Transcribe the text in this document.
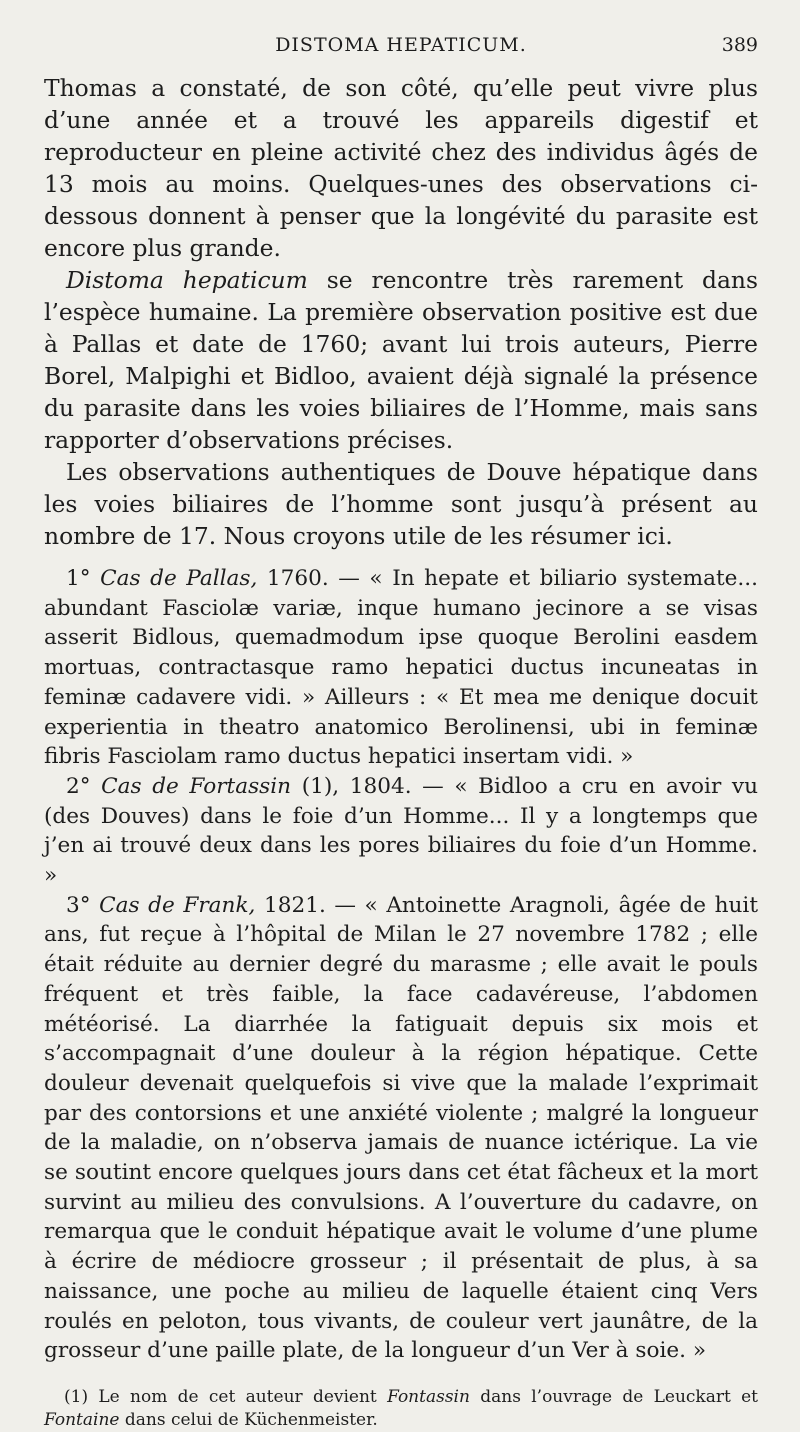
DISTOMA HEPATICUM.	389

Thomas a constaté, de son côté, qu’elle peut vivre plus d’une année et a trouvé les appareils digestif et reproducteur en pleine activité chez des individus âgés de 13 mois au moins. Quelques-unes des observations ci-dessous donnent à penser que la longévité du parasite est encore plus grande.

Distoma hepaticum se rencontre très rarement dans l’espèce humaine. La première observation positive est due à Pallas et date de 1760; avant lui trois auteurs, Pierre Borel, Malpighi et Bidloo, avaient déjà signalé la présence du parasite dans les voies biliaires de l’Homme, mais sans rapporter d’observations précises.

Les observations authentiques de Douve hépatique dans les voies biliaires de l’homme sont jusqu’à présent au nombre de 17. Nous croyons utile de les résumer ici.

1° Cas de Pallas, 1760. — « In hepate et biliario systemate... abundant Fasciolæ variæ, inque humano jecinore a se visas asserit Bidlous, quemadmodum ipse quoque Berolini easdem mortuas, contractasque ramo hepatici ductus incuneatas in feminæ cadavere vidi. » Ailleurs : « Et mea me denique docuit experientia in theatro anatomico Berolinensi, ubi in feminæ fibris Fasciolam ramo ductus hepatici insertam vidi. »

2° Cas de Fortassin (1), 1804. — « Bidloo a cru en avoir vu (des Douves) dans le foie d’un Homme... Il y a longtemps que j’en ai trouvé deux dans les pores biliaires du foie d’un Homme. »

3° Cas de Frank, 1821. — « Antoinette Aragnoli, âgée de huit ans, fut reçue à l’hôpital de Milan le 27 novembre 1782 ; elle était réduite au dernier degré du marasme ; elle avait le pouls fréquent et très faible, la face cadavéreuse, l’abdomen météorisé. La diarrhée la fatiguait depuis six mois et s’accompagnait d’une douleur à la région hépatique. Cette douleur devenait quelquefois si vive que la malade l’exprimait par des contorsions et une anxiété violente ; malgré la longueur de la maladie, on n’observa jamais de nuance ictérique. La vie se soutint encore quelques jours dans cet état fâcheux et la mort survint au milieu des convulsions. A l’ouverture du cadavre, on remarqua que le conduit hépatique avait le volume d’une plume à écrire de médiocre grosseur ; il présentait de plus, à sa naissance, une poche au milieu de laquelle étaient cinq Vers roulés en peloton, tous vivants, de couleur vert jaunâtre, de la grosseur d’une paille plate, de la longueur d’un Ver à soie. »

(1) Le nom de cet auteur devient Fontassin dans l’ouvrage de Leuckart et Fontaine dans celui de Küchenmeister.
